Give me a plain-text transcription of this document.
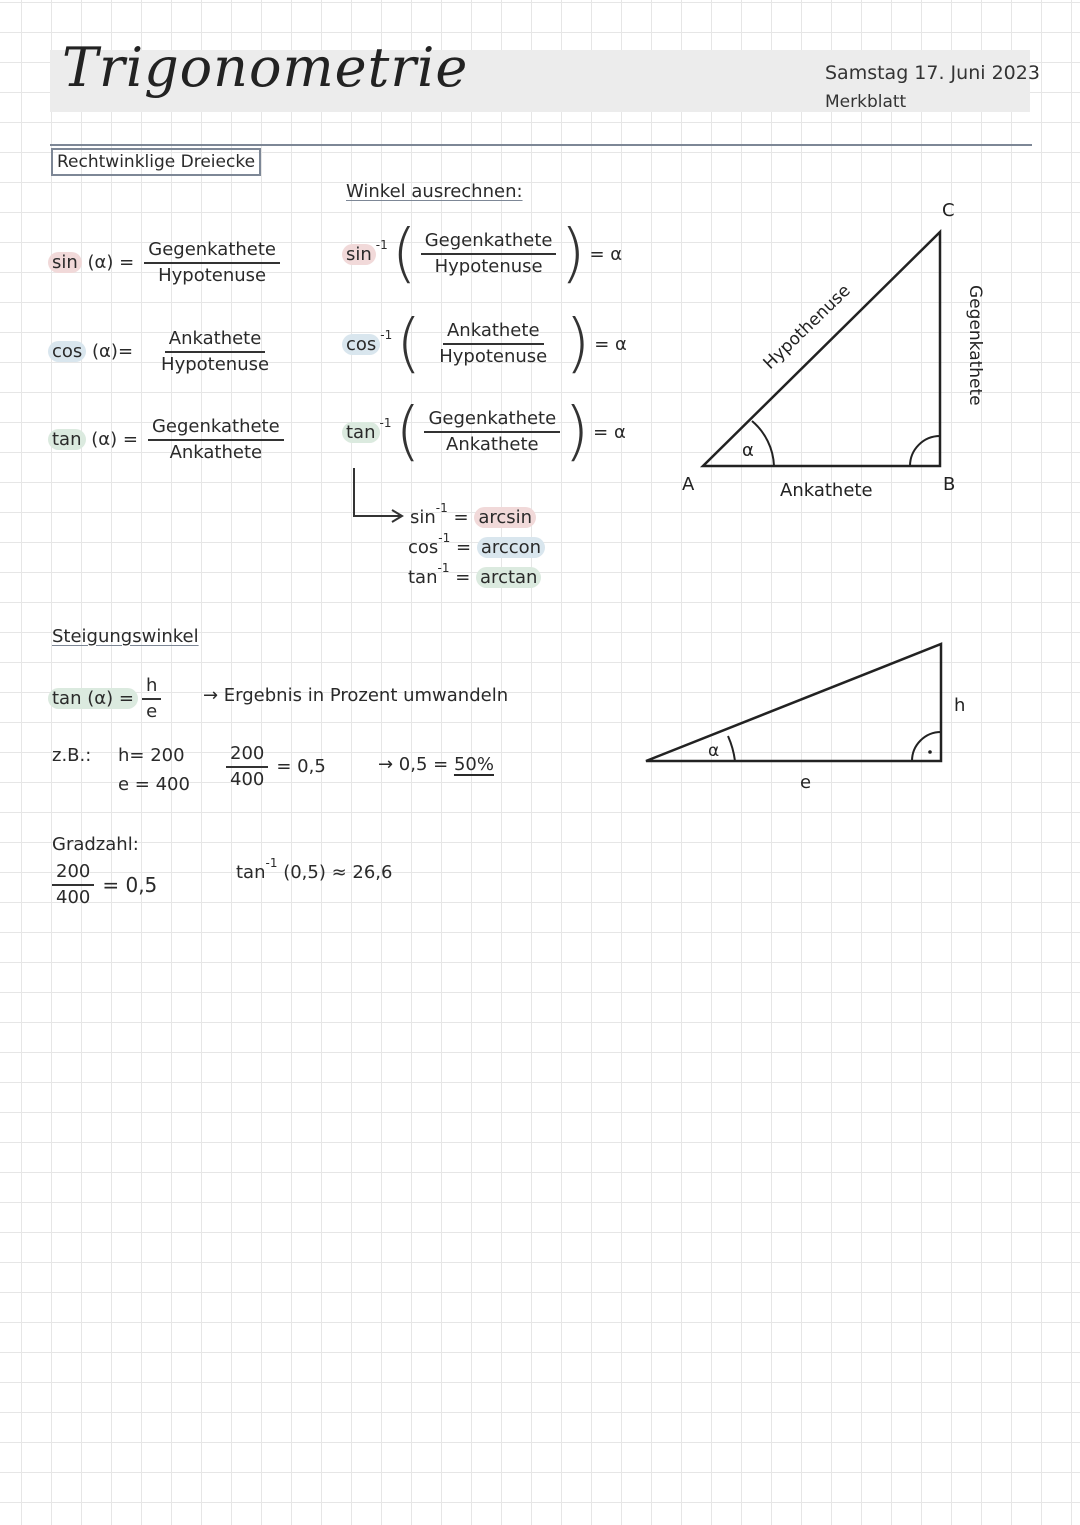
Trigonometrie	Samstag 17. Juni 2023
Merkblatt
Rechtwinklige Dreiecke
Winkel ausrechnen:
$\sin (\alpha) = \frac{\text{Gegenkathete}}{\text{Hypotenuse}}$
$\cos (\alpha)= \frac{\text{Ankathete}}{\text{Hypotenuse}}$
$\tan (\alpha) = \frac{\text{Gegenkathete}}{\text{Ankathete}}$
sin $^{-1}$ ( $\frac{\text{Gegenkathete}}{\text{Hypotenuse}}$ ) = α
cos $^{-1}$ ( $\frac{\text{Ankathete}}{\text{Hypotenuse}}$ ) = α
tan $^{-1}$ ( $\frac{\text{Gegenkathete}}{\text{Ankathete}}$ ) = α
$\sin^{-1} = \arcsin$
$\cos^{-1}$ = arccon
$\tan^{-1} = \arctan$
A	B
C
α
Ankathete
Hypothenuse	Gegenkathete
Steigungswinkel
$\tan (\alpha) = \frac{h}{e}$ → Ergebnis in Prozent umwandeln
z.B.: h= 200
$e = 400 \frac{200}{400} = 0,5$	→ 0,5 = 50%
Gradzahl:
$\frac{200}{400} = 0,5$
$\tan^{-1} (0,5) \approx 26,6$
α
h
e
